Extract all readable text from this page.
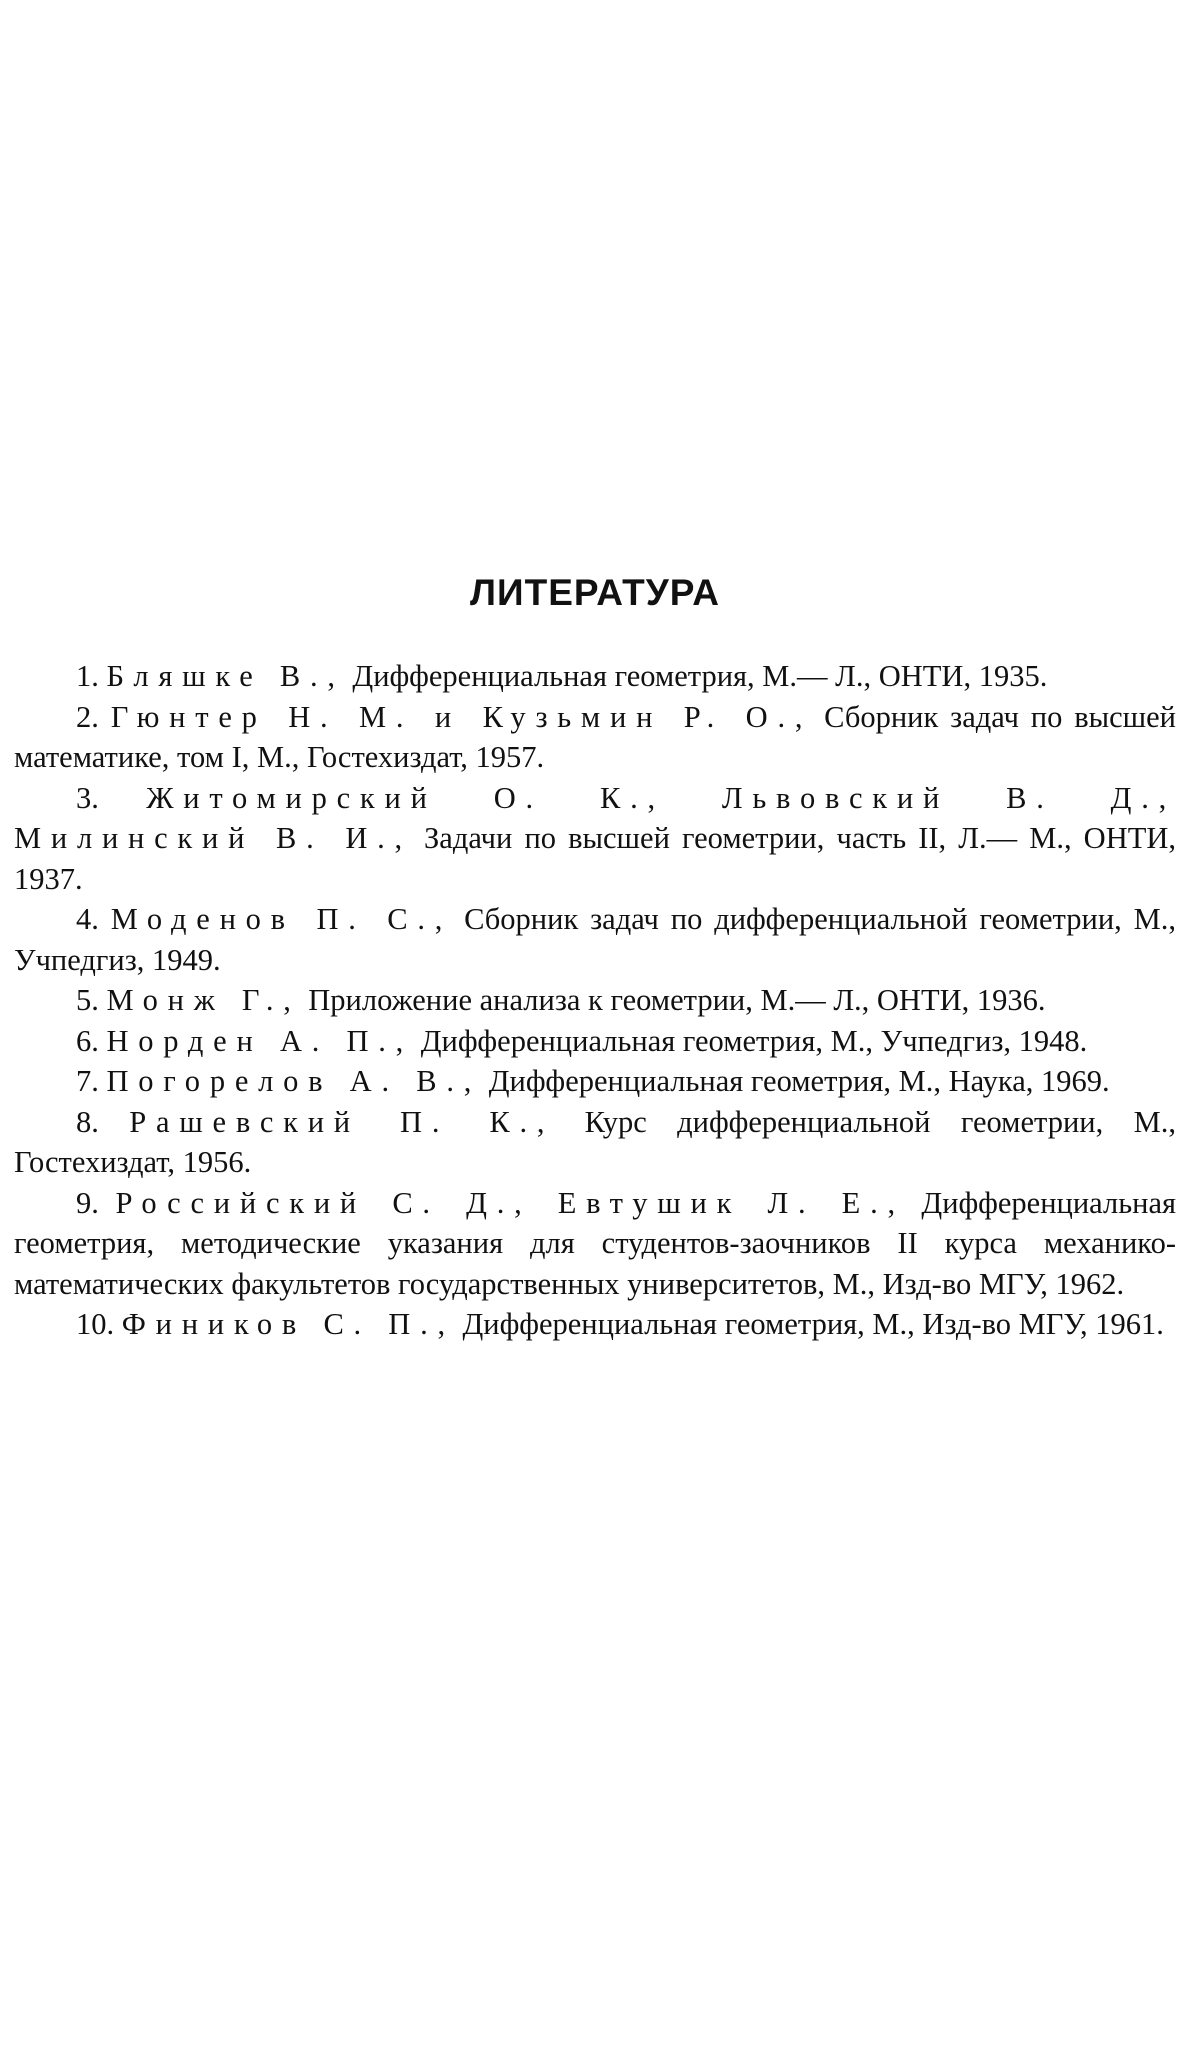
ЛИТЕРАТУРА
1. Бляшке В., Дифференциальная геометрия, М.— Л., ОНТИ, 1935.
2. Гюнтер Н. М. и Кузьмин Р. О., Сборник задач по высшей математике, том I, М., Гостехиздат, 1957.
3. Житомирский О. К., Львовский В. Д., Милинский В. И., Задачи по высшей геометрии, часть II, Л.— М., ОНТИ, 1937.
4. Моденов П. С., Сборник задач по дифференциальной геометрии, М., Учпедгиз, 1949.
5. Монж Г., Приложение анализа к геометрии, М.— Л., ОНТИ, 1936.
6. Норден А. П., Дифференциальная геометрия, М., Учпедгиз, 1948.
7. Погорелов А. В., Дифференциальная геометрия, М., Наука, 1969.
8. Рашевский П. К., Курс дифференциальной геометрии, М., Гостехиздат, 1956.
9. Российский С. Д., Евтушик Л. Е., Дифференциальная геометрия, методические указания для студентов-заочников II курса механико-математических факультетов государственных университетов, М., Изд-во МГУ, 1962.
10. Фиников С. П., Дифференциальная геометрия, М., Изд-во МГУ, 1961.
